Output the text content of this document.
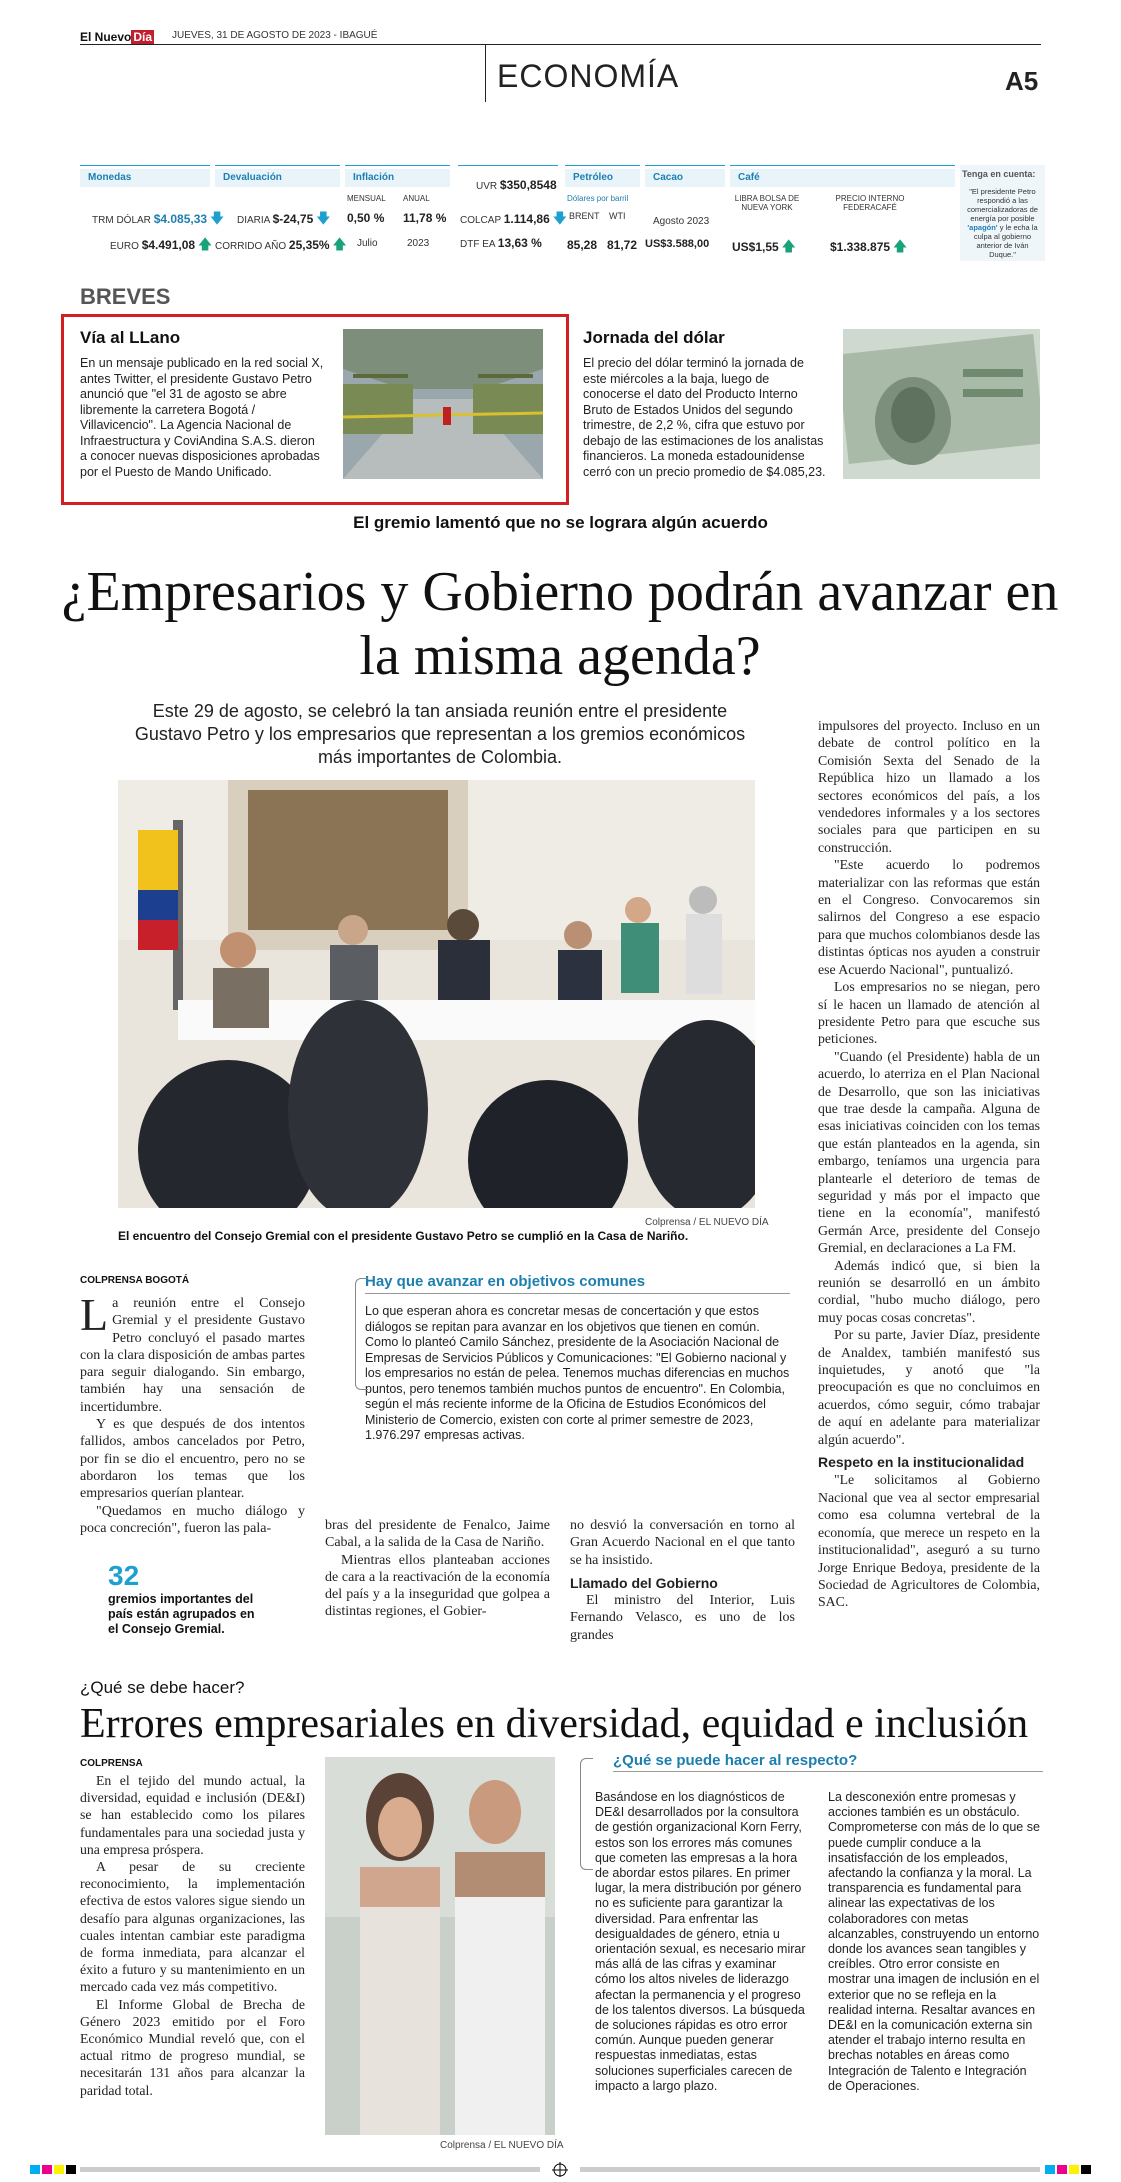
El Nuevo Día JUEVES, 31 DE AGOSTO DE 2023 - IBAGUÉ
ECONOMÍA	A5
Monedas
TRM DÓLAR $4.085,33 🡇
EURO $4.491,08 🡅
Devaluación
DIARIA $-24,75 🡇
CORRIDO AÑO 25,35% 🡅
Inflación
MENSUAL ANUAL
0,50 % 11,78 %
Julio	2023
UVR $350,8548
COLCAP 1.114,86 🡇
DTF EA 13,63 %
Petróleo
Dólares por barril
BRENT WTI
85,28 81,72
Cacao
Agosto 2023
US$3.588,00
Café
LIBRA BOLSA DE NUEVA YORK
PRECIO INTERNO FEDERACAFÉ
US$1,55 🡅	$1.338.875 🡅
Tenga en cuenta:
"El presidente Petro respondió a las comercializadoras de energía por posible 'apagón' y le echa la culpa al gobierno anterior de Iván Duque."
BREVES
Vía al LLano
En un mensaje publicado en la red social X, antes Twitter, el presidente Gustavo Petro anunció que "el 31 de agosto se abre libremente la carretera Bogotá / Villavicencio". La Agencia Nacional de Infraestructura y CoviAndina S.A.S. dieron a conocer nuevas disposiciones aprobadas por el Puesto de Mando Unificado.
Jornada del dólar
El precio del dólar terminó la jornada de este miércoles a la baja, luego de conocerse el dato del Producto Interno Bruto de Estados Unidos del segundo trimestre, de 2,2 %, cifra que estuvo por debajo de las estimaciones de los analistas financieros. La moneda estadounidense cerró con un precio promedio de $4.085,23.
El gremio lamentó que no se lograra algún acuerdo
¿Empresarios y Gobierno podrán avanzar en la misma agenda?
Este 29 de agosto, se celebró la tan ansiada reunión entre el presidente Gustavo Petro y los empresarios que representan a los gremios económicos más importantes de Colombia.
Colprensa / EL NUEVO DÍA
El encuentro del Consejo Gremial con el presidente Gustavo Petro se cumplió en la Casa de Nariño.
COLPRENSA BOGOTÁ

La reunión entre el Consejo Gremial y el presidente Gustavo Petro concluyó el pasado martes con la clara disposición de ambas partes para seguir dialogando. Sin embargo, también hay una sensación de incertidumbre.

Y es que después de dos intentos fallidos, ambos cancelados por Petro, por fin se dio el encuentro, pero no se abordaron los temas que los empresarios querían plantear.

"Quedamos en mucho diálogo y poca concreción", fueron las pala-

32
gremios importantes del país están agrupados en el Consejo Gremial.
Hay que avanzar en objetivos comunes
Lo que esperan ahora es concretar mesas de concertación y que estos diálogos se repitan para avanzar en los objetivos que tienen en común. Como lo planteó Camilo Sánchez, presidente de la Asociación Nacional de Empresas de Servicios Públicos y Comunicaciones: "El Gobierno nacional y los empresarios no están de pelea. Tenemos muchas diferencias en muchos puntos, pero tenemos también muchos puntos de encuentro". En Colombia, según el más reciente informe de la Oficina de Estudios Económicos del Ministerio de Comercio, existen con corte al primer semestre de 2023, 1.976.297 empresas activas.

bras del presidente de Fenalco, Jaime Cabal, a la salida de la Casa de Nariño.

Mientras ellos planteaban acciones de cara a la reactivación de la economía del país y a la inseguridad que golpea a distintas regiones, el Gobier-

no desvió la conversación en torno al Gran Acuerdo Nacional en el que tanto se ha insistido.

Llamado del Gobierno

El ministro del Interior, Luis Fernando Velasco, es uno de los grandes

impulsores del proyecto. Incluso en un debate de control político en la Comisión Sexta del Senado de la República hizo un llamado a los sectores económicos del país, a los vendedores informales y a los sectores sociales para que participen en su construcción.

"Este acuerdo lo podremos materializar con las reformas que están en el Congreso. Convocaremos sin salirnos del Congreso a ese espacio para que muchos colombianos desde las distintas ópticas nos ayuden a construir ese Acuerdo Nacional", puntualizó.

Los empresarios no se niegan, pero sí le hacen un llamado de atención al presidente Petro para que escuche sus peticiones.

"Cuando (el Presidente) habla de un acuerdo, lo aterriza en el Plan Nacional de Desarrollo, que son las iniciativas que trae desde la campaña. Alguna de esas iniciativas coinciden con los temas que están planteados en la agenda, sin embargo, teníamos una urgencia para plantearle el deterioro de temas de seguridad y más por el impacto que tiene en la economía", manifestó Germán Arce, presidente del Consejo Gremial, en declaraciones a La FM.

Además indicó que, si bien la reunión se desarrolló en un ámbito cordial, "hubo mucho diálogo, pero muy pocas cosas concretas".

Por su parte, Javier Díaz, presidente de Analdex, también manifestó sus inquietudes, y anotó que "la preocupación es que no concluimos en acuerdos, cómo seguir, cómo trabajar de aquí en adelante para materializar algún acuerdo".

Respeto en la institucionalidad

"Le solicitamos al Gobierno Nacional que vea al sector empresarial como esa columna vertebral de la economía, que merece un respeto en la institucionalidad", aseguró a su turno Jorge Enrique Bedoya, presidente de la Sociedad de Agricultores de Colombia, SAC.

¿Qué se debe hacer?
Errores empresariales en diversidad, equidad e inclusión
COLPRENSA

En el tejido del mundo actual, la diversidad, equidad e inclusión (DE&I) se han establecido como los pilares fundamentales para una sociedad justa y una empresa próspera.

A pesar de su creciente reconocimiento, la implementación efectiva de estos valores sigue siendo un desafío para algunas organizaciones, las cuales intentan cambiar este paradigma de forma inmediata, para alcanzar el éxito a futuro y su mantenimiento en un mercado cada vez más competitivo.

El Informe Global de Brecha de Género 2023 emitido por el Foro Económico Mundial reveló que, con el actual ritmo de progreso mundial, se necesitarán 131 años para alcanzar la paridad total.

Colprensa / EL NUEVO DÍA
¿Qué se puede hacer al respecto?
Basándose en los diagnósticos de DE&I desarrollados por la consultora de gestión organizacional Korn Ferry, estos son los errores más comunes que cometen las empresas a la hora de abordar estos pilares. En primer lugar, la mera distribución por género no es suficiente para garantizar la diversidad. Para enfrentar las desigualdades de género, etnia u orientación sexual, es necesario mirar más allá de las cifras y examinar cómo los altos niveles de liderazgo afectan la permanencia y el progreso de los talentos diversos. La búsqueda de soluciones rápidas es otro error común. Aunque pueden generar respuestas inmediatas, estas soluciones superficiales carecen de impacto a largo plazo.
La desconexión entre promesas y acciones también es un obstáculo. Comprometerse con más de lo que se puede cumplir conduce a la insatisfacción de los empleados, afectando la confianza y la moral. La transparencia es fundamental para alinear las expectativas de los colaboradores con metas alcanzables, construyendo un entorno donde los avances sean tangibles y creíbles. Otro error consiste en mostrar una imagen de inclusión en el exterior que no se refleja en la realidad interna. Resaltar avances en DE&I en la comunicación externa sin atender el trabajo interno resulta en brechas notables en áreas como Integración de Talento e Integración de Operaciones.
